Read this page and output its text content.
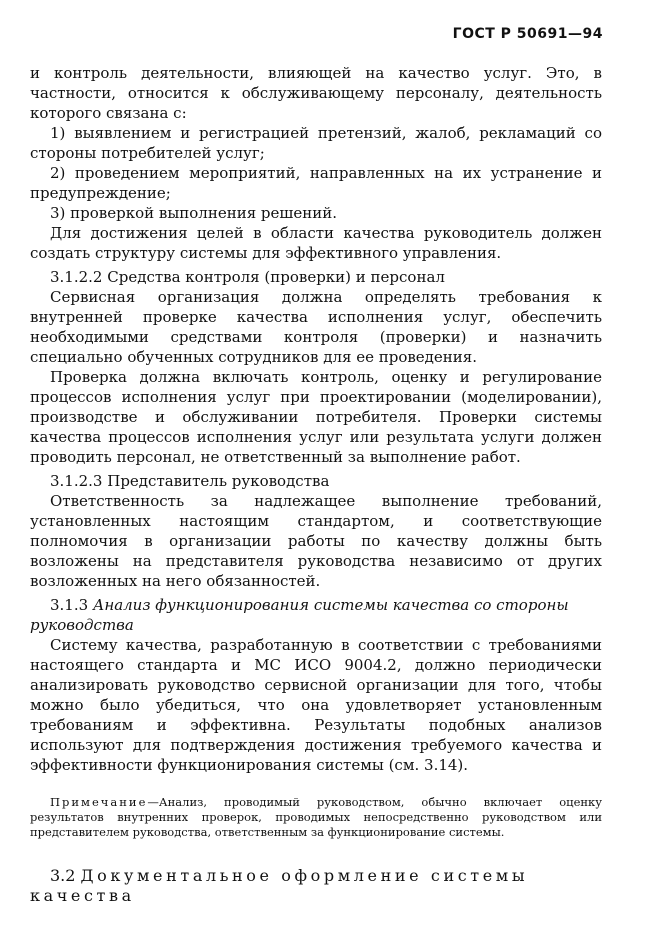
ГОСТ Р 50691—94

и контроль деятельности, влияющей на качество услуг. Это, в частности, относится к обслуживающему персоналу, деятельность которого связана с:

1) выявлением и регистрацией претензий, жалоб, рекламаций со стороны потребителей услуг;

2) проведением мероприятий, направленных на их устранение и предупреждение;

3) проверкой выполнения решений.

Для достижения целей в области качества руководитель должен создать структуру системы для эффективного управления.

3.1.2.2 Средства контроля (проверки) и персонал

Сервисная организация должна определять требования к внутренней проверке качества исполнения услуг, обеспечить необходимыми средствами контроля (проверки) и назначить специально обученных сотрудников для ее проведения.

Проверка должна включать контроль, оценку и регулирование процессов исполнения услуг при проектировании (моделировании), производстве и обслуживании потребителя. Проверки системы качества процессов исполнения услуг или результата услуги должен проводить персонал, не ответственный за выполнение работ.

3.1.2.3 Представитель руководства

Ответственность за надлежащее выполнение требований, установленных настоящим стандартом, и соответствующие полномочия в организации работы по качеству должны быть возложены на представителя руководства независимо от других возложенных на него обязанностей.

3.1.3 Анализ функционирования системы качества со стороны руководства

Систему качества, разработанную в соответствии с требованиями настоящего стандарта и МС ИСО 9004.2, должно периодически анализировать руководство сервисной организации для того, чтобы можно было убедиться, что она удовлетворяет установленным требованиям и эффективна. Результаты подобных анализов используют для подтверждения достижения требуемого качества и эффективности функционирования системы (см. 3.14).

Примечание—Анализ, проводимый руководством, обычно включает оценку результатов внутренних проверок, проводимых непосредственно руководством или представителем руководства, ответственным за функционирование системы.

3.2 Документальное оформление системы качества
